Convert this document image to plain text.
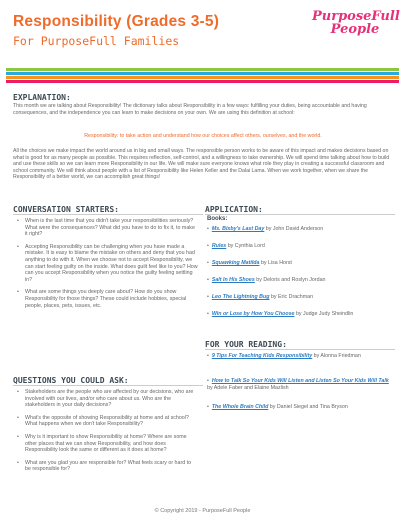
Responsibility (Grades 3-5)
For PurposeFull Families
PurposeFull
People
EXPLANATION:
This month we are talking about Responsibility! The dictionary talks about Responsibility in a few ways: fulfilling your duties, being accountable and having consequences, and the independence you can learn to make decisions on your own. We are using this definition at school:
Responsibility: to take action and understand how our choices affect others, ourselves, and the world.
All the choices we make impact the world around us in big and small ways. The responsible person works to be aware of this impact and makes decisions based on what is good for as many people as possible. This requires reflection, self-control, and a willingness to take ownership. We will spend time talking about how to build and use these skills so we can learn more Responsibility in our life. We will make sure everyone knows what role they play in creating a successful classroom and school community. We will think about people with a list of Responsibility like Helen Keller and the Dalai Lama. When we work together, when we share the Responsibility of a better world, we can accomplish great things!
CONVERSATION STARTERS:
• When is the last time that you didn't take your responsibilities seriously? What were the consequences? What did you have to do to fix it, to make it right?
• Accepting Responsibility can be challenging when you have made a mistake. It is easy to blame the mistake on others and deny that you had anything to do with it. When we choose not to accept Responsibility, we can start feeling guilty on the inside. What does guilt feel like to you? How can you accept Responsibility when you notice the guilty feeling settling in?
• What are some things you deeply care about? How do you show Responsibility for those things? These could include hobbies, special people, places, pets, issues, etc.
QUESTIONS YOU COULD ASK:
• Stakeholders are the people who are affected by our decisions, who are involved with our lives, and/or who care about us. Who are the stakeholders in your daily decisions?
• What's the opposite of showing Responsibility at home and at school? What happens when we don't take Responsibility?
• Why is it important to show Responsibility at home? Where are some other places that we can show Responsibility, and how does Responsibility look the same or different as it does at home?
• What are you glad you are responsible for? What feels scary or hard to be responsible for?
APPLICATION:
Books:
•  Ms. Bixby's Last Day by John David Anderson
•  Rules by Cynthia Lord
•  Squawking Matilda by Lisa Horst
•  Salt In His Shoes by Deloris and Roslyn Jordan
•  Leo The Lightning Bug by Eric Drachman
•  Win or Lose by How You Choose by Judge Judy Sheindlin
FOR YOUR READING:
•  9 Tips For Teaching Kids Responsibility by Alonna Friedman
•  How to Talk So Your Kids Will Listen and Listen So Your Kids Will Talk by Adele Faber and Elaine Mazlish
•  The Whole Brain Child by Daniel Siegel and Tina Bryson
© Copyright 2019 - PurposeFull People
